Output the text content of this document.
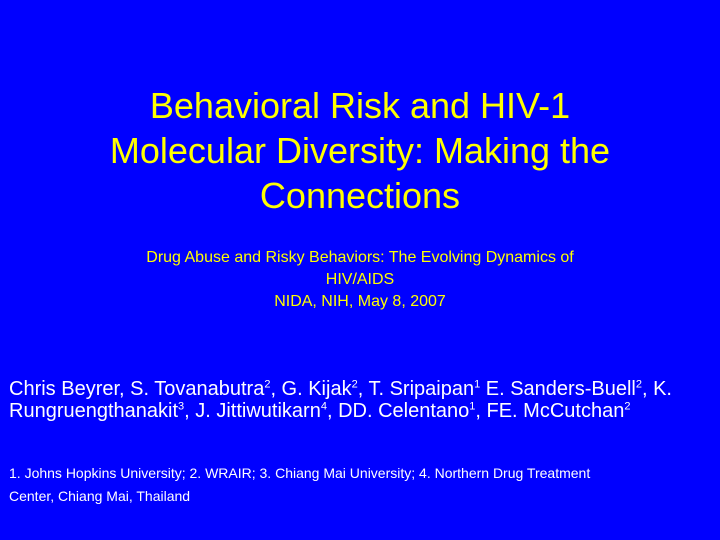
Behavioral Risk and HIV-1
Molecular Diversity: Making the
Connections
Drug Abuse and Risky Behaviors: The Evolving Dynamics of
HIV/AIDS
NIDA, NIH, May 8, 2007
Chris Beyrer, S. Tovanabutra$^2$, G. Kijak$^2$, T. Sripaipan$^1$ E. Sanders-Buell$^2$, K. Rungruengthanakit$^3$, J. Jittiwutikarn$^4$, DD. Celentano$^1$, FE. McCutchan$^2$
1. Johns Hopkins University; 2. WRAIR; 3. Chiang Mai University; 4. Northern Drug Treatment
Center, Chiang Mai, Thailand
